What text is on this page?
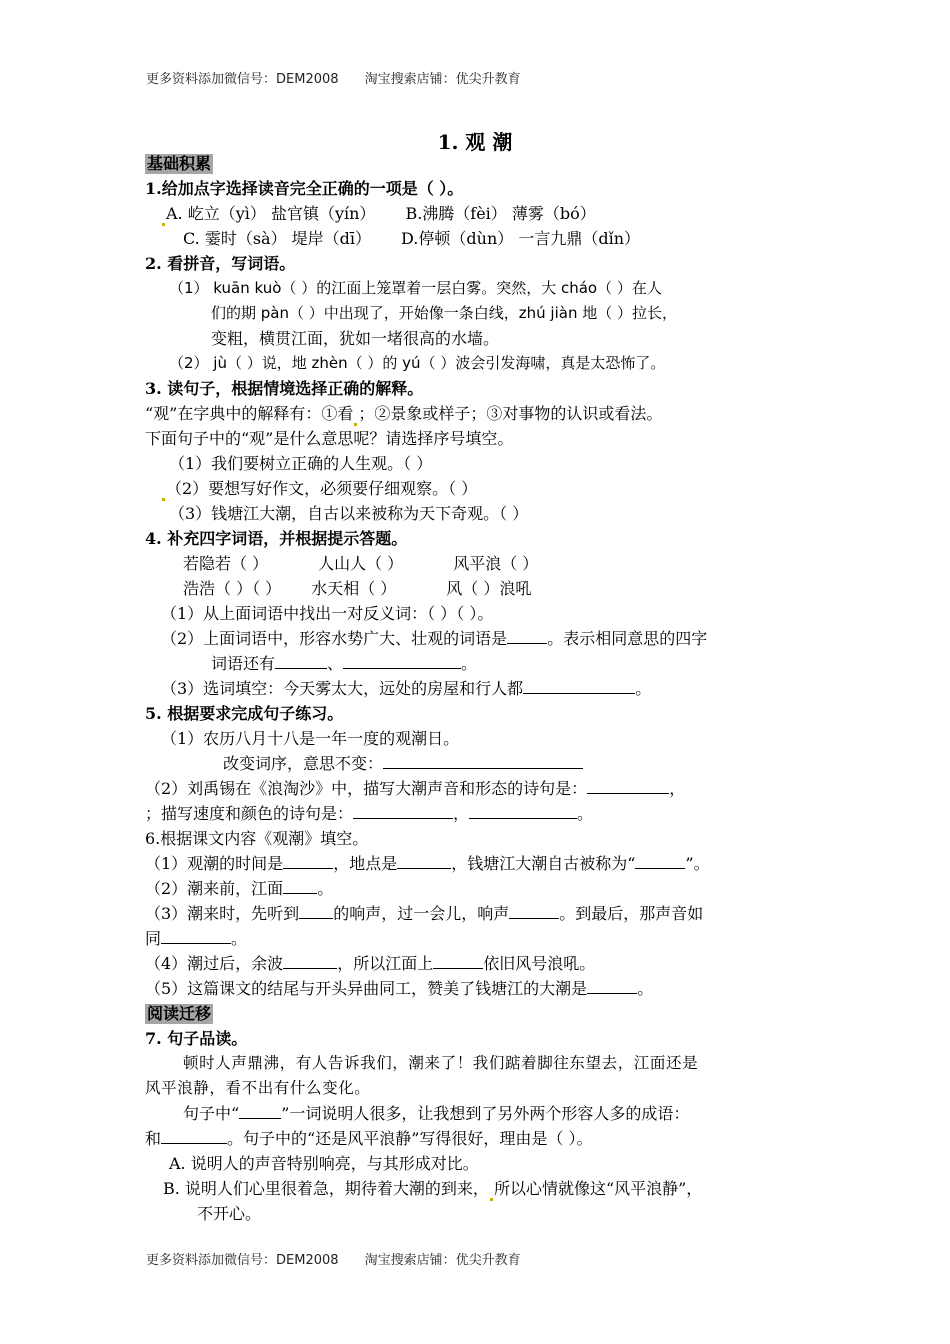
更多资料添加微信号：DEM2008 淘宝搜索店铺：优尖升教育
1. 观 潮
基础积累
1.给加点字选择读音完全正确的一项是（ ）。
A. 屹立（yì） 盐官镇（yín） B.沸腾（fèi） 薄雾（bó）
C. 霎时（sà） 堤岸（dī） D.停顿（dùn） 一言九鼎（dǐn）
2. 看拼音，写词语。
（1） kuān kuò（ ）的江面上笼罩着一层白雾。突然，大 cháo（ ）在人
们的期 pàn（ ）中出现了，开始像一条白线，zhú jiàn 地（ ）拉长，
变粗，横贯江面，犹如一堵很高的水墙。
（2） jù（ ）说，地 zhèn（ ）的 yú（ ）波会引发海啸，真是太恐怖了。
3. 读句子，根据情境选择正确的解释。
“观”在字典中的解释有：①看 ；②景象或样子；③对事物的认识或看法。
下面句子中的“观”是什么意思呢？请选择序号填空。
（1）我们要树立正确的人生观。（ ）
（2）要想写好作文，必须要仔细观察。（ ）
（3）钱塘江大潮，自古以来被称为天下奇观。（ ）
4. 补充四字词语，并根据提示答题。
若隐若（ ）	人山人（ ）	风平浪（ ）
浩浩（ ）（ ） 水天相（ ）	风（ ）浪吼
（1）从上面词语中找出一对反义词：（ ）（ ）。
（2）上面词语中，形容水势广大、壮观的词语是	。表示相同意思的四字
词语还有	、	。
（3）选词填空：今天雾太大，远处的房屋和行人都	。
5. 根据要求完成句子练习。
（1）农历八月十八是一年一度的观潮日。
改变词序，意思不变：
（2）刘禹锡在《浪淘沙》中，描写大潮声音和形态的诗句是：	，
；描写速度和颜色的诗句是：	，	。
6.根据课文内容《观潮》填空。
（1）观潮的时间是	，地点是	，钱塘江大潮自古被称为“	”。
（2）潮来前，江面 。
（3）潮来时，先听到 的响声，过一会儿，响声	。到最后，那声音如
同	。
（4）潮过后，余波	，所以江面上	依旧风号浪吼。
（5）这篇课文的结尾与开头异曲同工，赞美了钱塘江的大潮是	。
阅读迁移
7. 句子品读。
顿时人声鼎沸，有人告诉我们，潮来了！我们踮着脚往东望去，江面还是
风平浪静，看不出有什么变化。
句子中“	”一词说明人很多，让我想到了另外两个形容人多的成语：
和	。句子中的“还是风平浪静”写得很好，理由是（ ）。
A. 说明人的声音特别响亮，与其形成对比。
B. 说明人们心里很着急，期待着大潮的到来， 所以心情就像这“风平浪静”，
不开心。
更多资料添加微信号：DEM2008 淘宝搜索店铺：优尖升教育
